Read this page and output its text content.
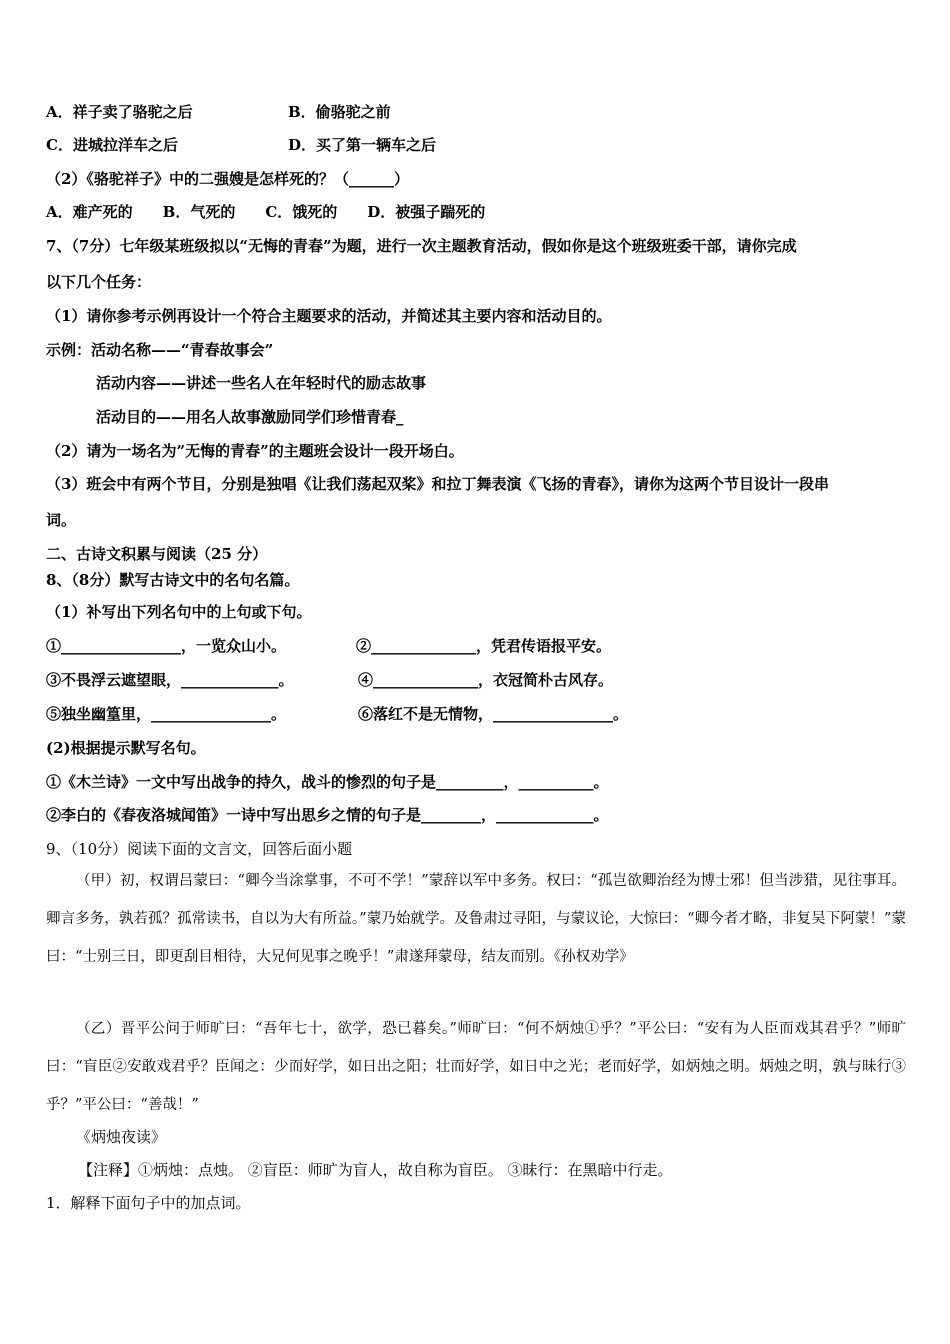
A．祥子卖了骆驼之后	B．偷骆驼之前
C．进城拉洋车之后	D．买了第一辆车之后
（2）《骆驼祥子》中的二强嫂是怎样死的？（______）
A．难产死的　　B．气死的　　C．饿死的　　D．被强子踹死的
7、（7分）七年级某班级拟以“无悔的青春”为题，进行一次主题教育活动，假如你是这个班级班委干部，请你完成
以下几个任务：
（1）请你参考示例再设计一个符合主题要求的活动，并简述其主要内容和活动目的。
示例：活动名称——“青春故事会”
活动内容——讲述一些名人在年轻时代的励志故事
活动目的——用名人故事激励同学们珍惜青春_
（2）请为一场名为”无悔的青春”的主题班会设计一段开场白。
（3）班会中有两个节目，分别是独唱《让我们荡起双桨》和拉丁舞表演《飞扬的青春》，请你为这两个节目设计一段串
词。
二、古诗文积累与阅读（25 分）
8、（8分）默写古诗文中的名句名篇。
（1）补写出下列名句中的上句或下句。
①________________，一览众山小。	②______________，凭君传语报平安。
③不畏浮云遮望眼，_____________。	④______________，衣冠简朴古风存。
⑤独坐幽篁里，________________。	⑥落红不是无情物，________________。
(2)根据提示默写名句。
①《木兰诗》一文中写出战争的持久，战斗的惨烈的句子是_________，__________。
②李白的《春夜洛城闻笛》一诗中写出思乡之情的句子是________，_____________。
9、（10分）阅读下面的文言文，回答后面小题
（甲）初，权谓吕蒙曰：“卿今当涂掌事，不可不学！”蒙辞以军中多务。权曰：“孤岂欲卿治经为博士邪！但当涉猎，见往事耳。卿言多务，孰若孤？孤常读书，自以为大有所益。”蒙乃始就学。及鲁肃过寻阳，与蒙议论，大惊曰：“卿今者才略，非复吴下阿蒙！”蒙曰：“士别三日，即更刮目相待，大兄何见事之晚乎！”肃遂拜蒙母，结友而别。《孙权劝学》
（乙）晋平公问于师旷曰：“吾年七十，欲学，恐已暮矣。”师旷曰：“何不炳烛①乎？”平公曰：“安有为人臣而戏其君乎？”师旷曰：“盲臣②安敢戏君乎？臣闻之：少而好学，如日出之阳；壮而好学，如日中之光；老而好学，如炳烛之明。炳烛之明，孰与昧行③乎？”平公曰：“善哉！”
《炳烛夜读》
【注释】①炳烛：点烛。 ②盲臣：师旷为盲人，故自称为盲臣。 ③昧行：在黑暗中行走。
1．解释下面句子中的加点词。
